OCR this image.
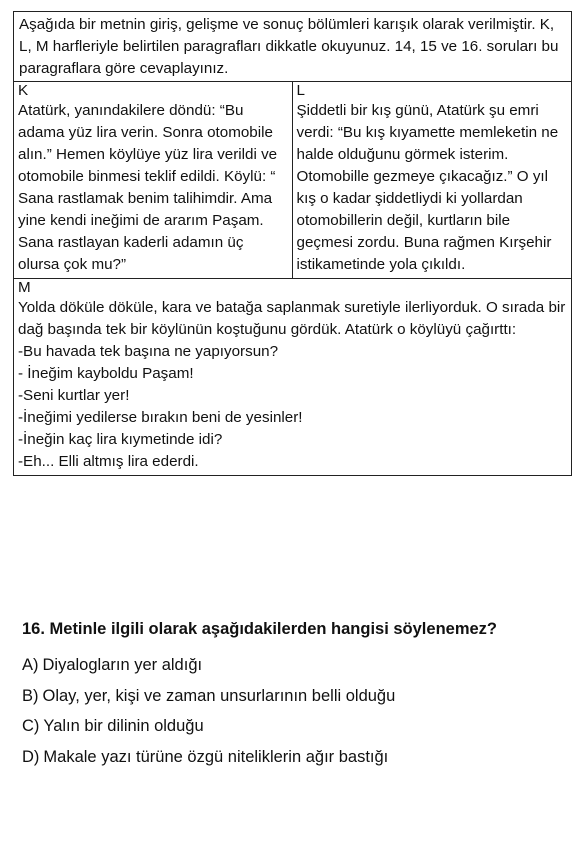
Aşağıda bir metnin giriş, gelişme ve sonuç bölümleri karışık olarak verilmiştir. K, L, M harfleriyle belirtilen paragrafları dikkatle okuyunuz. 14, 15 ve 16. soruları bu paragraflara göre cevaplayınız.
K

Atatürk, yanındakilere döndü: “Bu adama yüz lira verin. Sonra otomobile alın.” Hemen köylüye yüz lira verildi ve otomobile binmesi teklif edildi. Köylü: “ Sana rastlamak benim talihimdir. Ama yine kendi ineğimi de ararım Paşam. Sana rastlayan kaderli adamın üç olursa çok mu?”

L

Şiddetli bir kış günü, Atatürk şu emri verdi: “Bu kış kıyamette memleketin ne halde olduğunu görmek isterim. Otomobille gezmeye çıkacağız.” O yıl kış o kadar şiddetliydi ki yollardan otomobillerin değil, kurtların bile geçmesi zordu. Buna rağmen Kırşehir istikametinde yola çıkıldı.

M

Yolda döküle döküle, kara ve batağa saplanmak suretiyle ilerliyorduk. O sırada bir dağ başında tek bir köylünün koştuğunu gördük. Atatürk o köylüyü çağırttı:

-Bu havada tek başına ne yapıyorsun?
- İneğim kayboldu Paşam!
-Seni kurtlar yer!
-İneğimi yedilerse bırakın beni de yesinler!
-İneğin kaç lira kıymetinde idi?
-Eh... Elli altmış lira ederdi.
16. Metinle ilgili olarak aşağıdakilerden hangisi söylenemez?
A) Diyalogların yer aldığı
B) Olay, yer, kişi ve zaman unsurlarının belli olduğu
C) Yalın bir dilinin olduğu
D) Makale yazı türüne özgü niteliklerin ağır bastığı
